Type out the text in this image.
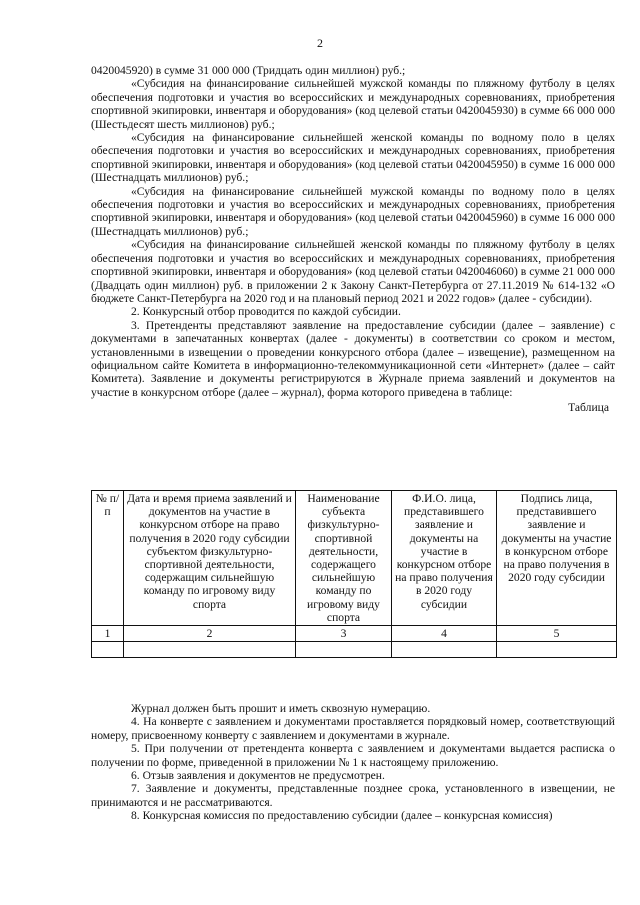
2

0420045920) в сумме 31 000 000 (Тридцать один миллион) руб.;

«Субсидия на финансирование сильнейшей мужской команды по пляжному футболу в целях обеспечения подготовки и участия во всероссийских и международных соревнованиях, приобретения спортивной экипировки, инвентаря и оборудования» (код целевой статьи 0420045930) в сумме 66 000 000 (Шестьдесят шесть миллионов) руб.;

«Субсидия на финансирование сильнейшей женской команды по водному поло в целях обеспечения подготовки и участия во всероссийских и международных соревнованиях, приобретения спортивной экипировки, инвентаря и оборудования» (код целевой статьи 0420045950) в сумме 16 000 000 (Шестнадцать миллионов) руб.;

«Субсидия на финансирование сильнейшей мужской команды по водному поло в целях обеспечения подготовки и участия во всероссийских и международных соревнованиях, приобретения спортивной экипировки, инвентаря и оборудования» (код целевой статьи 0420045960) в сумме 16 000 000 (Шестнадцать миллионов) руб.;

«Субсидия на финансирование сильнейшей женской команды по пляжному футболу в целях обеспечения подготовки и участия во всероссийских и международных соревнованиях, приобретения спортивной экипировки, инвентаря и оборудования» (код целевой статьи 0420046060) в сумме 21 000 000 (Двадцать один миллион) руб. в приложении 2 к Закону Санкт-Петербурга от 27.11.2019 № 614-132 «О бюджете Санкт-Петербурга на 2020 год и на плановый период 2021 и 2022 годов» (далее - субсидии).

2. Конкурсный отбор проводится по каждой субсидии.

3. Претенденты представляют заявление на предоставление субсидии (далее – заявление) с документами в запечатанных конвертах (далее - документы) в соответствии со сроком и местом, установленными в извещении о проведении конкурсного отбора (далее – извещение), размещенном на официальном сайте Комитета в информационно-телекоммуникационной сети «Интернет» (далее – сайт Комитета). Заявление и документы регистрируются в Журнале приема заявлений и документов на участие в конкурсном отборе (далее – журнал), форма которого приведена в таблице:

Таблица

№ п/п	Дата и время приема заявлений и документов на участие в конкурсном отборе на право получения в 2020 году субсидии субъектом физкультурно-спортивной деятельности, содержащим сильнейшую команду по игровому виду спорта	Наименование субъекта физкультурно-спортивной деятельности, содержащего сильнейшую команду по игровому виду спорта	Ф.И.О. лица, представившего заявление и документы на участие в конкурсном отборе на право получения в 2020 году субсидии	Подпись лица, представившего заявление и документы на участие в конкурсном отборе на право получения в 2020 году субсидии
1	2	3	4	5

Журнал должен быть прошит и иметь сквозную нумерацию.

4. На конверте с заявлением и документами проставляется порядковый номер, соответствующий номеру, присвоенному конверту с заявлением и документами в журнале.

5. При получении от претендента конверта с заявлением и документами выдается расписка о получении по форме, приведенной в приложении № 1 к настоящему приложению.

6. Отзыв заявления и документов не предусмотрен.

7. Заявление и документы, представленные позднее срока, установленного в извещении, не принимаются и не рассматриваются.

8. Конкурсная комиссия по предоставлению субсидии (далее – конкурсная комиссия)
